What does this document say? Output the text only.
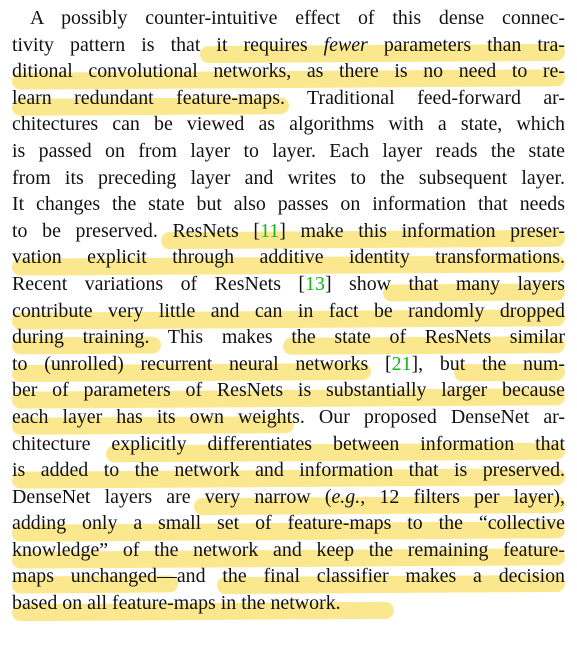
A possibly counter-intuitive effect of this dense connec-
tivity pattern is that it requires fewer parameters than tra-
ditional convolutional networks, as there is no need to re-
learn redundant feature-maps. Traditional feed-forward ar-
chitectures can be viewed as algorithms with a state, which
is passed on from layer to layer. Each layer reads the state
from its preceding layer and writes to the subsequent layer.
It changes the state but also passes on information that needs
to be preserved. ResNets [11] make this information preser-
vation explicit through additive identity transformations.
Recent variations of ResNets [13] show that many layers
contribute very little and can in fact be randomly dropped
during training. This makes the state of ResNets similar
to (unrolled) recurrent neural networks [21], but the num-
ber of parameters of ResNets is substantially larger because
each layer has its own weights. Our proposed DenseNet ar-
chitecture explicitly differentiates between information that
is added to the network and information that is preserved.
DenseNet layers are very narrow (e.g., 12 filters per layer),
adding only a small set of feature-maps to the “collective
knowledge” of the network and keep the remaining feature-
maps unchanged—and the final classifier makes a decision
based on all feature-maps in the network.
